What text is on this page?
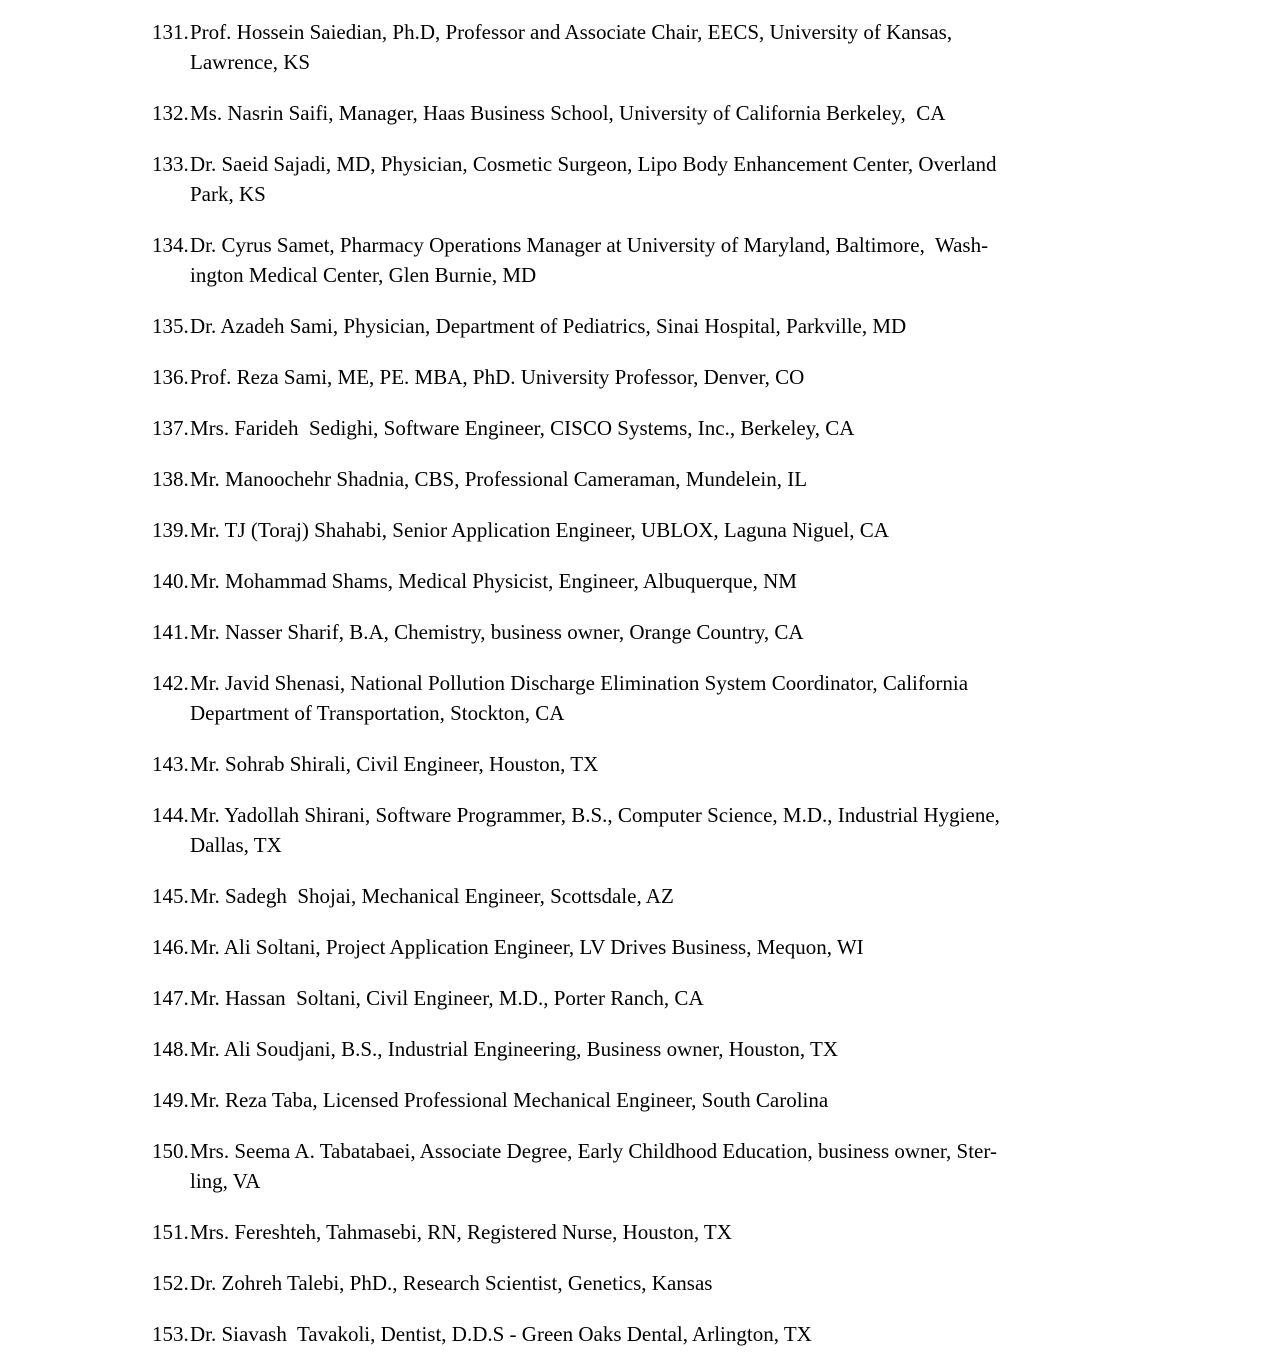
131.Prof. Hossein Saiedian, Ph.D, Professor and Associate Chair, EECS, University of Kansas,
Lawrence, KS
132.Ms. Nasrin Saifi, Manager, Haas Business School, University of California Berkeley,  CA
133.Dr. Saeid Sajadi, MD, Physician, Cosmetic Surgeon, Lipo Body Enhancement Center, Overland
Park, KS
134.Dr. Cyrus Samet, Pharmacy Operations Manager at University of Maryland, Baltimore,  Wash-
ington Medical Center, Glen Burnie, MD
135.Dr. Azadeh Sami, Physician, Department of Pediatrics, Sinai Hospital, Parkville, MD
136.Prof. Reza Sami, ME, PE. MBA, PhD. University Professor, Denver, CO
137.Mrs. Farideh  Sedighi, Software Engineer, CISCO Systems, Inc., Berkeley, CA
138.Mr. Manoochehr Shadnia, CBS, Professional Cameraman, Mundelein, IL
139.Mr. TJ (Toraj) Shahabi, Senior Application Engineer, UBLOX, Laguna Niguel, CA
140.Mr. Mohammad Shams, Medical Physicist, Engineer, Albuquerque, NM
141.Mr. Nasser Sharif, B.A, Chemistry, business owner, Orange Country, CA
142.Mr. Javid Shenasi, National Pollution Discharge Elimination System Coordinator, California
Department of Transportation, Stockton, CA
143.Mr. Sohrab Shirali, Civil Engineer, Houston, TX
144.Mr. Yadollah Shirani, Software Programmer, B.S., Computer Science, M.D., Industrial Hygiene,
Dallas, TX
145.Mr. Sadegh  Shojai, Mechanical Engineer, Scottsdale, AZ
146.Mr. Ali Soltani, Project Application Engineer, LV Drives Business, Mequon, WI
147.Mr. Hassan  Soltani, Civil Engineer, M.D., Porter Ranch, CA
148.Mr. Ali Soudjani, B.S., Industrial Engineering, Business owner, Houston, TX
149.Mr. Reza Taba, Licensed Professional Mechanical Engineer, South Carolina
150.Mrs. Seema A. Tabatabaei, Associate Degree, Early Childhood Education, business owner, Ster-
ling, VA
151.Mrs. Fereshteh, Tahmasebi, RN, Registered Nurse, Houston, TX
152.Dr. Zohreh Talebi, PhD., Research Scientist, Genetics, Kansas
153.Dr. Siavash  Tavakoli, Dentist, D.D.S - Green Oaks Dental, Arlington, TX
